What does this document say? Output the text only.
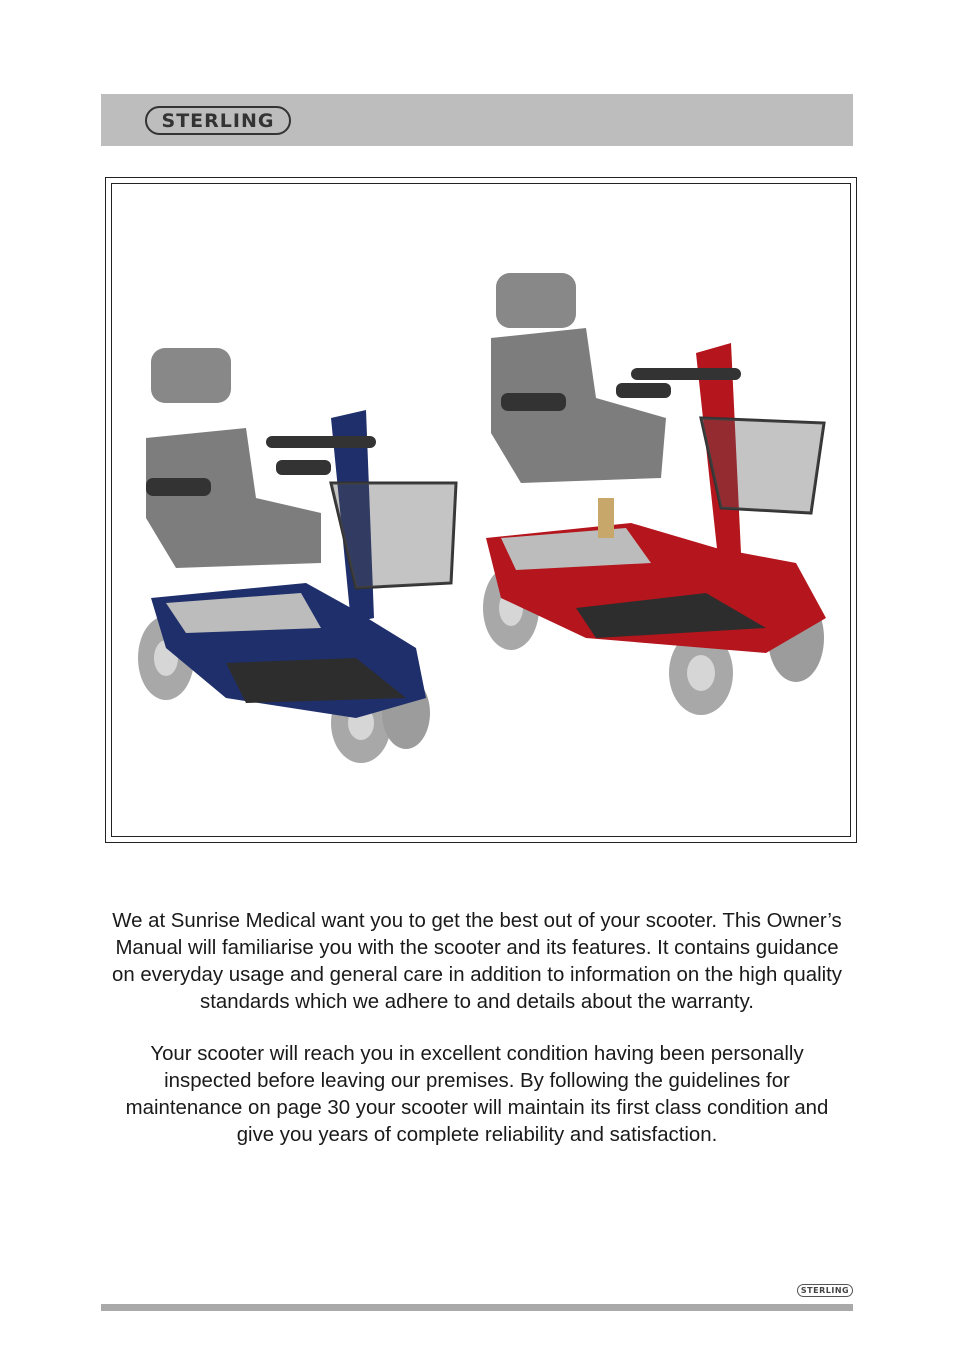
STERLING

We at Sunrise Medical want you to get the best out of your scooter. This Owner’s Manual will familiarise you with the scooter and its features. It contains guidance on everyday usage and general care in addition to information on the high quality standards which we adhere to and details about the warranty.

Your scooter will reach you in excellent condition having been personally inspected before leaving our premises. By following the guidelines for maintenance on page 30 your scooter will maintain its first class condition and give you years of complete reliability and satisfaction.

STERLING
